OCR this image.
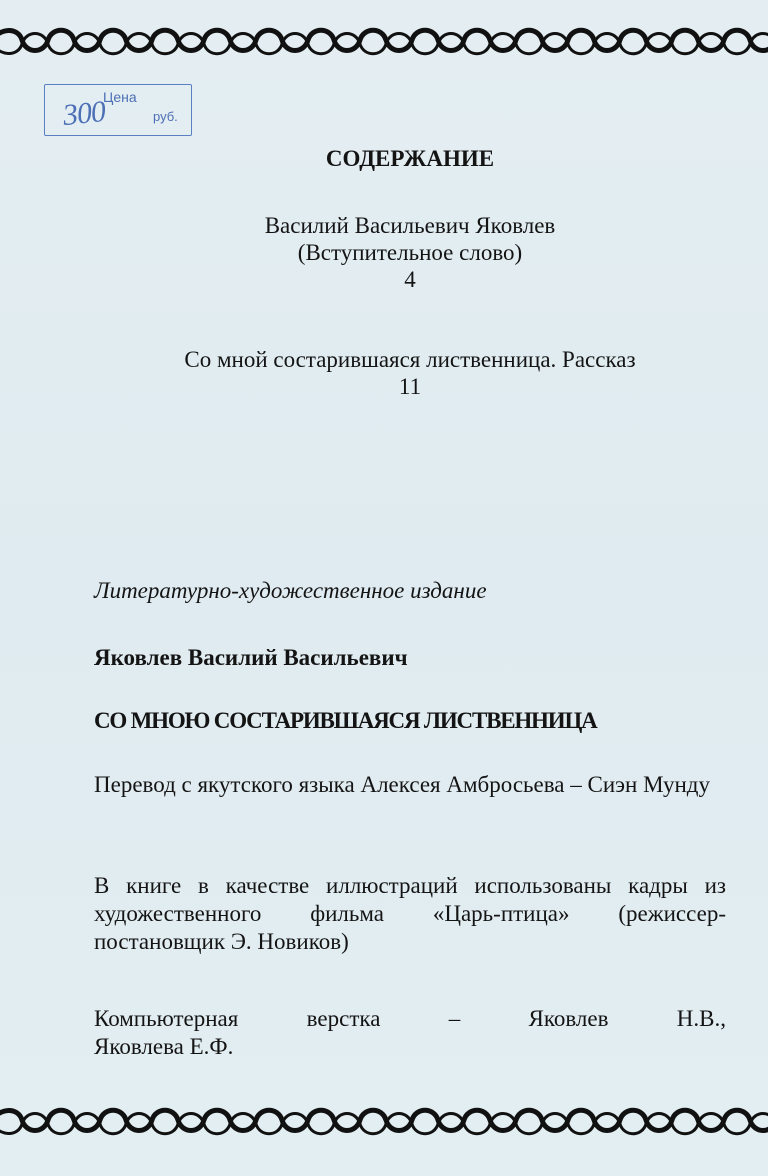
Цена
300	руб.
СОДЕРЖАНИЕ
Василий Васильевич Яковлев
(Вступительное слово)
4
Со мной состарившаяся лиственница. Рассказ
11
Литературно-художественное издание
Яковлев Василий Васильевич
СО МНОЮ СОСТАРИВШАЯСЯ ЛИСТВЕННИЦА
Перевод с якутского языка Алексея Амбросьева – Сиэн Мунду
В книге в качестве иллюстраций использованы кадры из художественного фильма «Царь-птица» (режиссер-постановщик Э. Новиков)
Компьютерная	верстка	–	Яковлев	Н.В.,
Яковлева Е.Ф.
